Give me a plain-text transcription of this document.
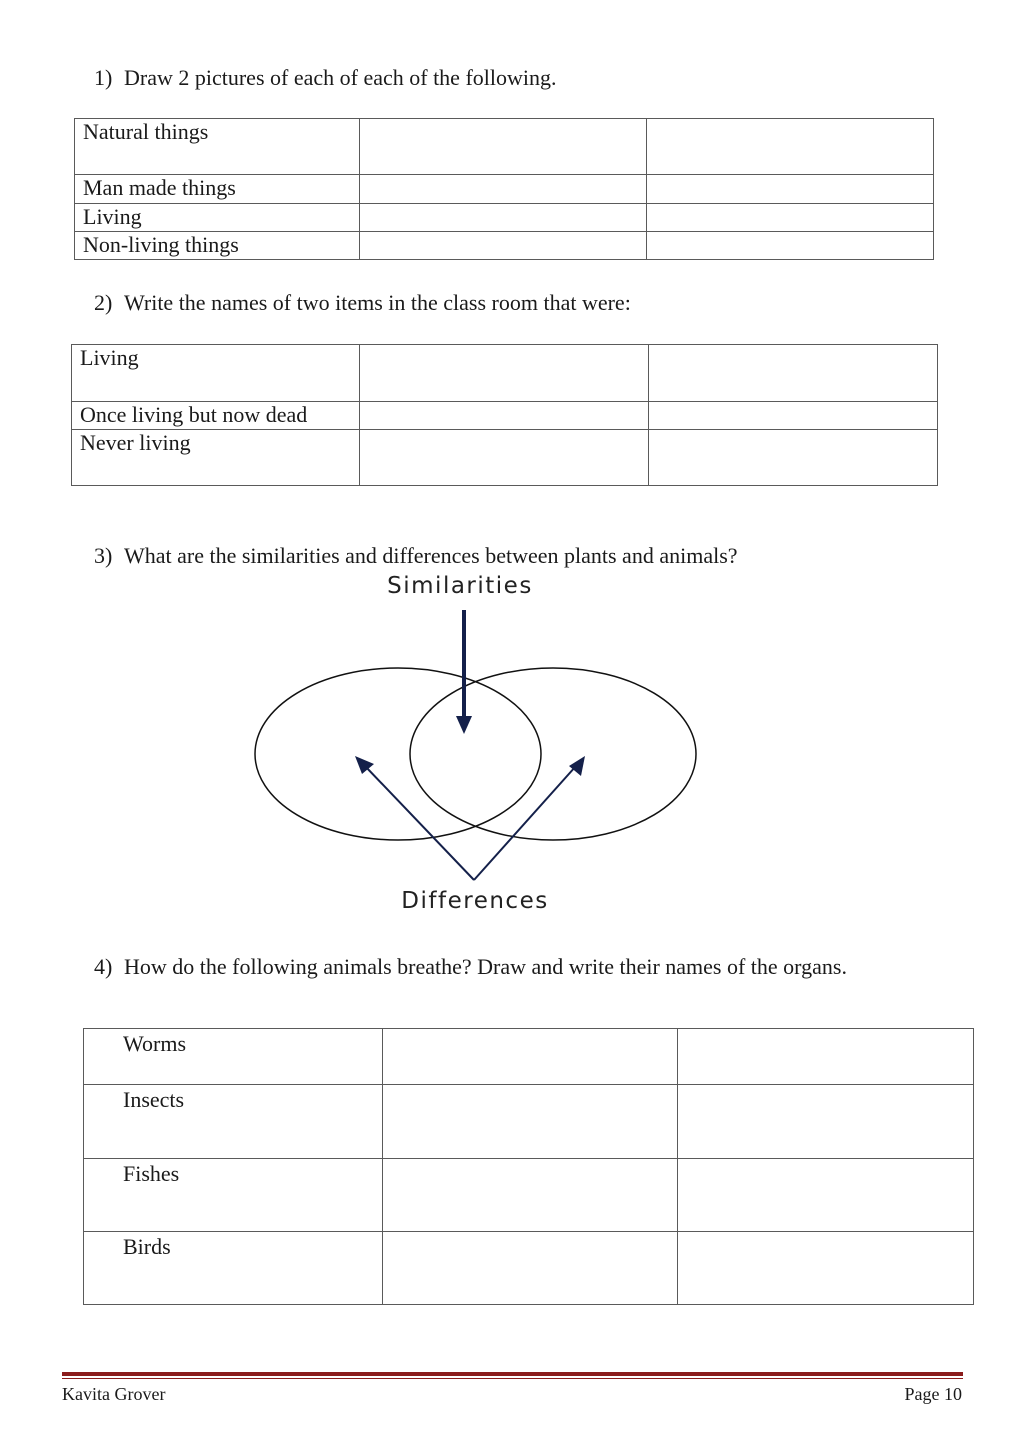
1) Draw 2 pictures of each of each of the following.
Natural things		
Man made things		
Living		
Non-living things		
2) Write the names of two items in the class room that were:
Living		
Once living but now dead		
Never living		
3) What are the similarities and differences between plants and animals?
Similarities
Differences
4) How do the following animals breathe? Draw and write their names of the organs.
Worms		
Insects		
Fishes		
Birds		
Kavita Grover	Page 10
